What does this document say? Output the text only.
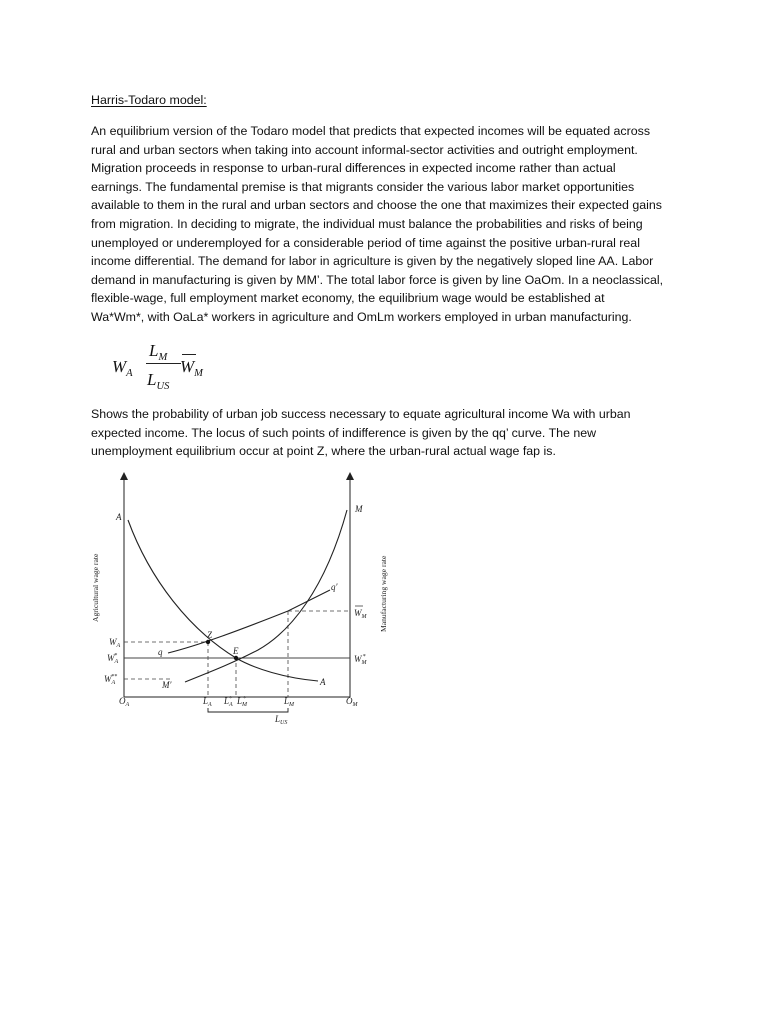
Harris-Todaro model:
An equilibrium version of the Todaro model that predicts that expected incomes will be equated across
rural and urban sectors when taking into account informal-sector activities and outright employment.
Migration proceeds in response to urban-rural differences in expected income rather than actual
earnings. The fundamental premise is that migrants consider the various labor market opportunities
available to them in the rural and urban sectors and choose the one that maximizes their expected gains
from migration. In deciding to migrate, the individual must balance the probabilities and risks of being
unemployed or underemployed for a considerable period of time against the positive urban-rural real
income differential. The demand for labor in agriculture is given by the negatively sloped line AA. Labor
demand in manufacturing is given by MM’. The total labor force is given by line OaOm. In a neoclassical,
flexible-wage, full employment market economy, the equilibrium wage would be established at
Wa*Wm*, with OaLa* workers in agriculture and OmLm workers employed in urban manufacturing.
$W_A$
$L_M$
$L_{US}$
$W_M$
Shows the probability of urban job success necessary to equate agricultural income Wa with urban
expected income. The locus of such points of indifference is given by the qq’ curve. The new
unemployment equilibrium occur at point Z, where the urban-rural actual wage fap is.
A
A
M
M′
q
q′
Z
E
Agricultural wage rate	Manufacturing wage rate
$W_A$
$W_A*$
$W_A**$
$W_M$
$W_M*$
$O_A$	$O_M$
$L_A$ $L_A*$ $L_M*$	$L_M$
$L_{US}$
